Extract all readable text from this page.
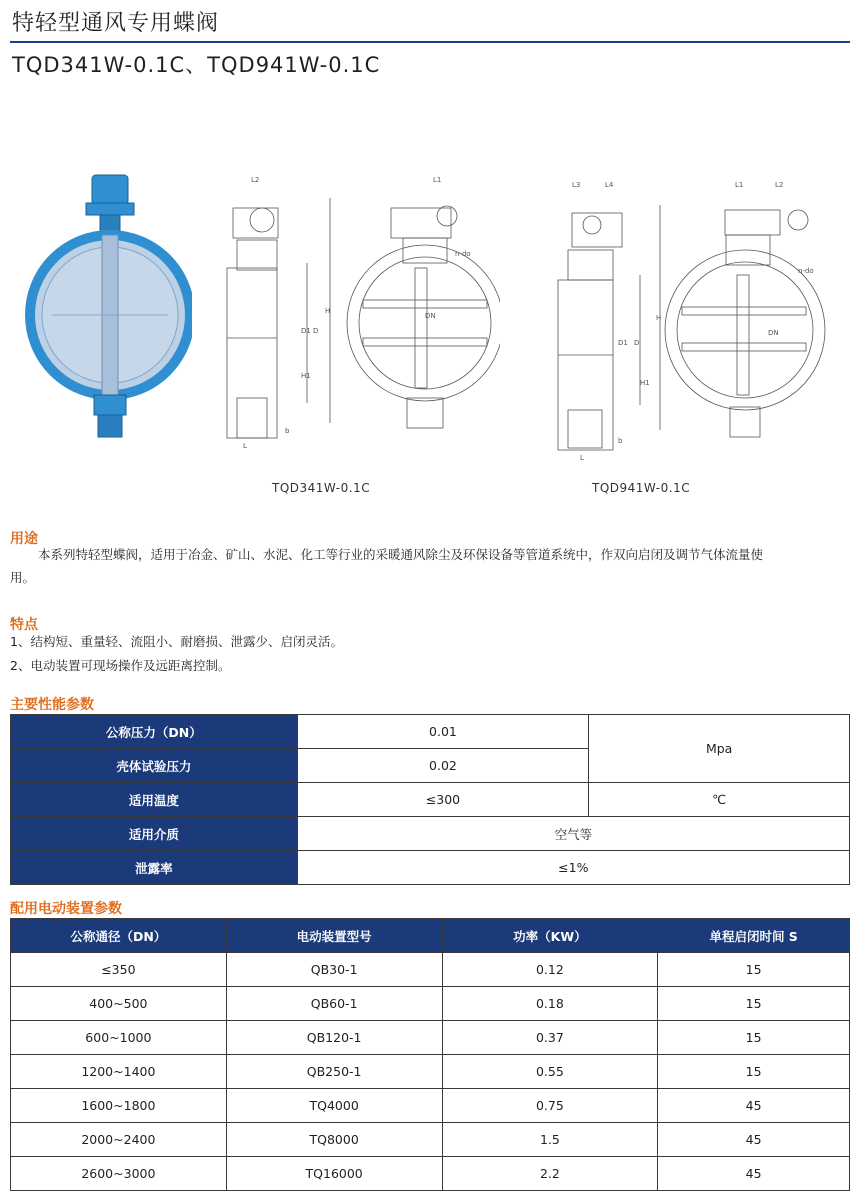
特轻型通风专用蝶阀
TQD341W-0.1C、TQD941W-0.1C
L2	L1
H
D1 D
H1
L
b
DN
n-do
L3	L4	L1	L2
H
D1 D
H1
L
b
DN
n-do
TQD341W-0.1C	TQD941W-0.1C
用途
本系列特轻型蝶阀，适用于冶金、矿山、水泥、化工等行业的采暖通风除尘及环保设备等管道系统中，作双向启闭及调节气体流量使
用。
特点
1、结构短、重量轻、流阻小、耐磨损、泄露少、启闭灵活。
2、电动装置可现场操作及远距离控制。
主要性能参数
公称压力（DN）	0.01	Mpa
壳体试验压力	0.02	
适用温度	≤300	℃
适用介质	空气等	
泄露率	≤1%	
配用电动装置参数
公称通径（DN）	电动装置型号	功率（KW）	单程启闭时间 S
≤350	QB30-1	0.12	15
400~500	QB60-1	0.18	15
600~1000	QB120-1	0.37	15
1200~1400	QB250-1	0.55	15
1600~1800	TQ4000	0.75	45
2000~2400	TQ8000	1.5	45
2600~3000	TQ16000	2.2	45
